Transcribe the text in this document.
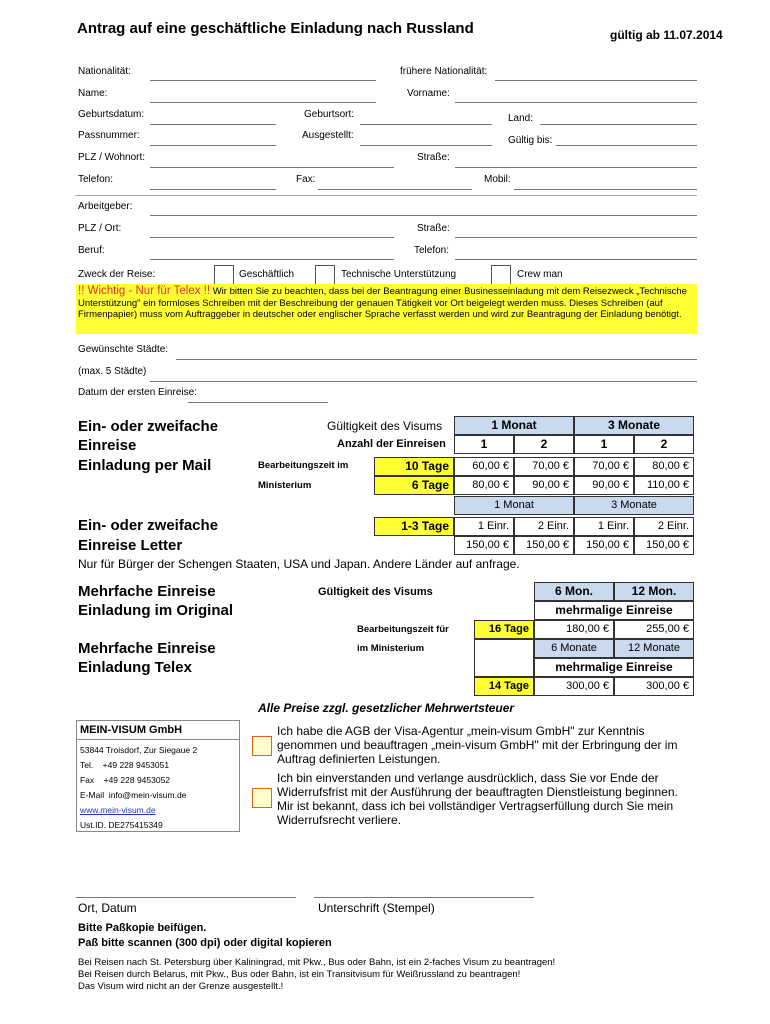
Antrag auf eine geschäftliche Einladung nach Russland	gültig ab 11.07.2014
Nationalität:	frühere Nationalität:
Name:	Vorname:
Geburtsdatum:	Geburtsort:	Land:
Passnummer:	Ausgestellt:	Gültig bis:
PLZ / Wohnort:	Straße:
Telefon:	Fax:	Mobil:
Arbeitgeber:
PLZ / Ort:	Straße:
Beruf:	Telefon:
Zweck der Reise:	Geschäftlich	Technische Unterstützung	Crew man
!! Wichtig - Nur für Telex !! Wir bitten Sie zu beachten, dass bei der Beantragung einer Businesseinladung mit dem Reisezweck „Technische Unterstützung" ein formloses Schreiben mit der Beschreibung der genauen Tätigkeit vor Ort beigelegt werden muss. Dieses Schreiben (auf Firmenpapier) muss vom Auftraggeber in deutscher oder englischer Sprache verfasst werden und wird zur Beantragung der Einladung benötigt.
Gewünschte Städte:
(max. 5 Städte)
Datum der ersten Einreise:
Ein- oder zweifache
Einreise
Einladung per Mail
Gültigkeit des Visums
Anzahl der Einreisen
Bearbeitungszeit im
Ministerium
1 Monat	3 Monate
1	2	1	2
10 Tage	60,00 €	70,00 €	70,00 €	80,00 €
6 Tage	80,00 €	90,00 €	90,00 €	110,00 €
1 Monat	3 Monate
Ein- oder zweifache
Einreise Letter
1-3 Tage	1 Einr.	2 Einr.	1 Einr.	2 Einr.
150,00 €	150,00 €	150,00 €	150,00 €
Nur für Bürger der Schengen Staaten, USA und Japan. Andere Länder auf anfrage.
Mehrfache Einreise
Einladung im Original
Mehrfache Einreise
Einladung Telex
Gültigkeit des Visums
Bearbeitungszeit für
im Ministerium
6 Mon.	12 Mon.
mehrmalige Einreise
16 Tage	180,00 €	255,00 €
6 Monate	12 Monate
mehrmalige Einreise
14 Tage	300,00 €	300,00 €
Alle Preise zzgl. gesetzlicher Mehrwertsteuer
MEIN-VISUM GmbH
53844 Troisdorf, Zur Siegaue 2
Tel.    +49 228 9453051
Fax    +49 228 9453052
E-Mail  info@mein-visum.de
www.mein-visum.de
Ust.ID. DE275415349
Ich habe die AGB der Visa-Agentur „mein-visum GmbH" zur Kenntnis genommen und beauftragen „mein-visum GmbH" mit der Erbringung der im Auftrag definierten Leistungen.
Ich bin einverstanden und verlange ausdrücklich, dass Sie vor Ende der Widerrufsfrist mit der Ausführung der beauftragten Dienstleistung beginnen. Mir ist bekannt, dass ich bei vollständiger Vertragserfüllung durch Sie mein Widerrufsrecht verliere.
Ort, Datum	Unterschrift (Stempel)
Bitte Paßkopie beifügen.
Paß bitte scannen (300 dpi) oder digital kopieren
Bei Reisen nach St. Petersburg über Kaliningrad, mit Pkw., Bus oder Bahn, ist ein 2-faches Visum zu beantragen!
Bei Reisen durch Belarus, mit Pkw., Bus oder Bahn, ist ein Transitvisum für Weißrussland zu beantragen!
Das Visum wird nicht an der Grenze ausgestellt.!
